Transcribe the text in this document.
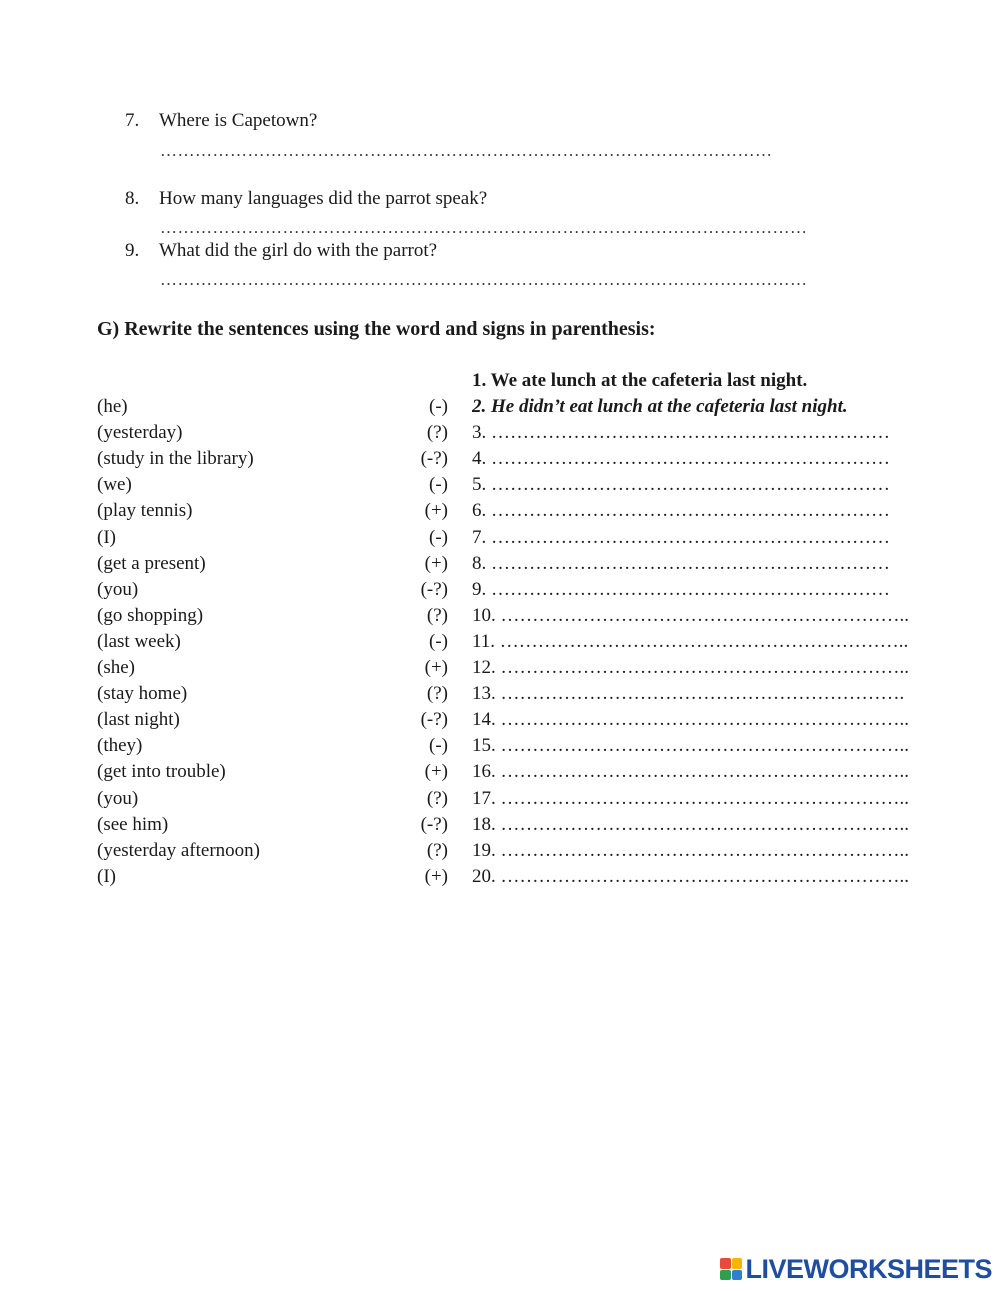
7. Where is Capetown?
……………………………………………………………………………………………
8. How many languages did the parrot speak?
…………………………………………………………………………………………………
9. What did the girl do with the parrot?
…………………………………………………………………………………………………
G) Rewrite the sentences using the word and signs in parenthesis:
1. We ate lunch at the cafeteria last night.
(he)	(-) 2. He didn’t eat lunch at the cafeteria last night.
(yesterday)	(?) 3. ………………………………………………………
(study in the library)	(-?) 4. ………………………………………………………
(we)	(-) 5. ………………………………………………………
(play tennis)	(+) 6. ………………………………………………………
(I)	(-) 7. ………………………………………………………
(get a present)	(+) 8. ………………………………………………………
(you)	(-?) 9. ………………………………………………………
(go shopping)	(?) 10. ………………………………………………………..
(last week)	(-) 11. ………………………………………………………..
(she)	(+) 12. ………………………………………………………..
(stay home)	(?) 13. ……………………………………………………….
(last night)	(-?) 14. ………………………………………………………..
(they)	(-) 15. ………………………………………………………..
(get into trouble)	(+) 16. ………………………………………………………..
(you)	(?) 17. ………………………………………………………..
(see him)	(-?) 18. ………………………………………………………..
(yesterday afternoon)	(?) 19. ………………………………………………………..
(I)	(+) 20. ………………………………………………………..
LIVEWORKSHEETS
